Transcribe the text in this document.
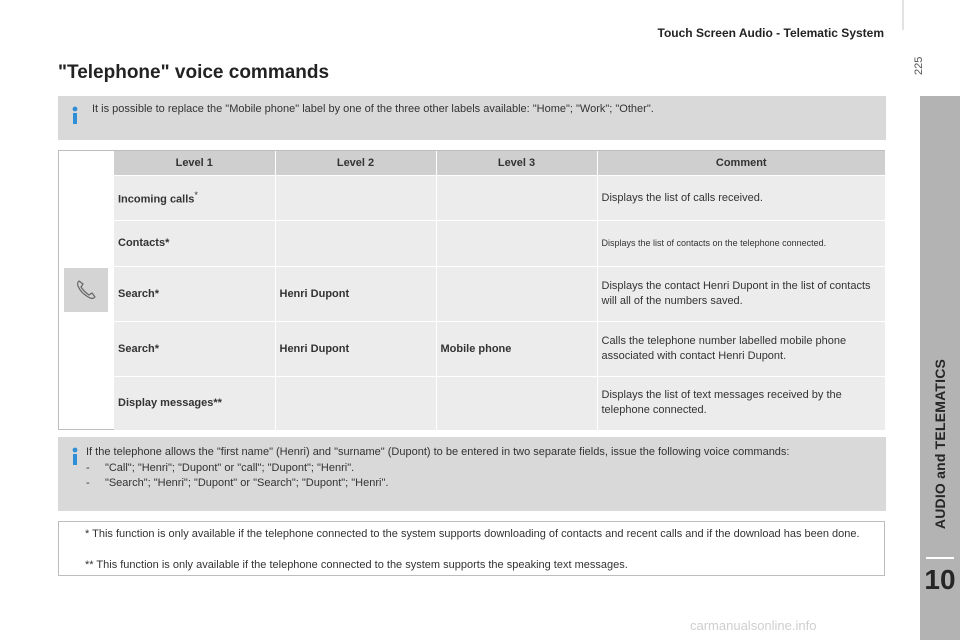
Touch Screen Audio - Telematic System
225
AUDIO and TELEMATICS
10
"Telephone" voice commands
It is possible to replace the "Mobile phone" label by one of the three other labels available: "Home"; "Work"; "Other".
Level 1	Level 2	Level 3	Comment
Incoming calls*			Displays the list of calls received.
Contacts*			Displays the list of contacts on the telephone connected.
Search*	Henri Dupont		Displays the contact Henri Dupont in the list of contacts will all of the numbers saved.
Search*	Henri Dupont	Mobile phone	Calls the telephone number labelled mobile phone associated with contact Henri Dupont.
Display messages**			Displays the list of text messages received by the telephone connected.

If the telephone allows the "first name" (Henri) and "surname" (Dupont) to be entered in two separate fields, issue the following voice commands:

-     "Call"; "Henri"; "Dupont" or "call"; "Dupont"; "Henri".

-     "Search"; "Henri"; "Dupont" or "Search"; "Dupont"; "Henri".

* This function is only available if the telephone connected to the system supports downloading of contacts and recent calls and if the download has been done.
** This function is only available if the telephone connected to the system supports the speaking text messages.
carmanualsonline.info
